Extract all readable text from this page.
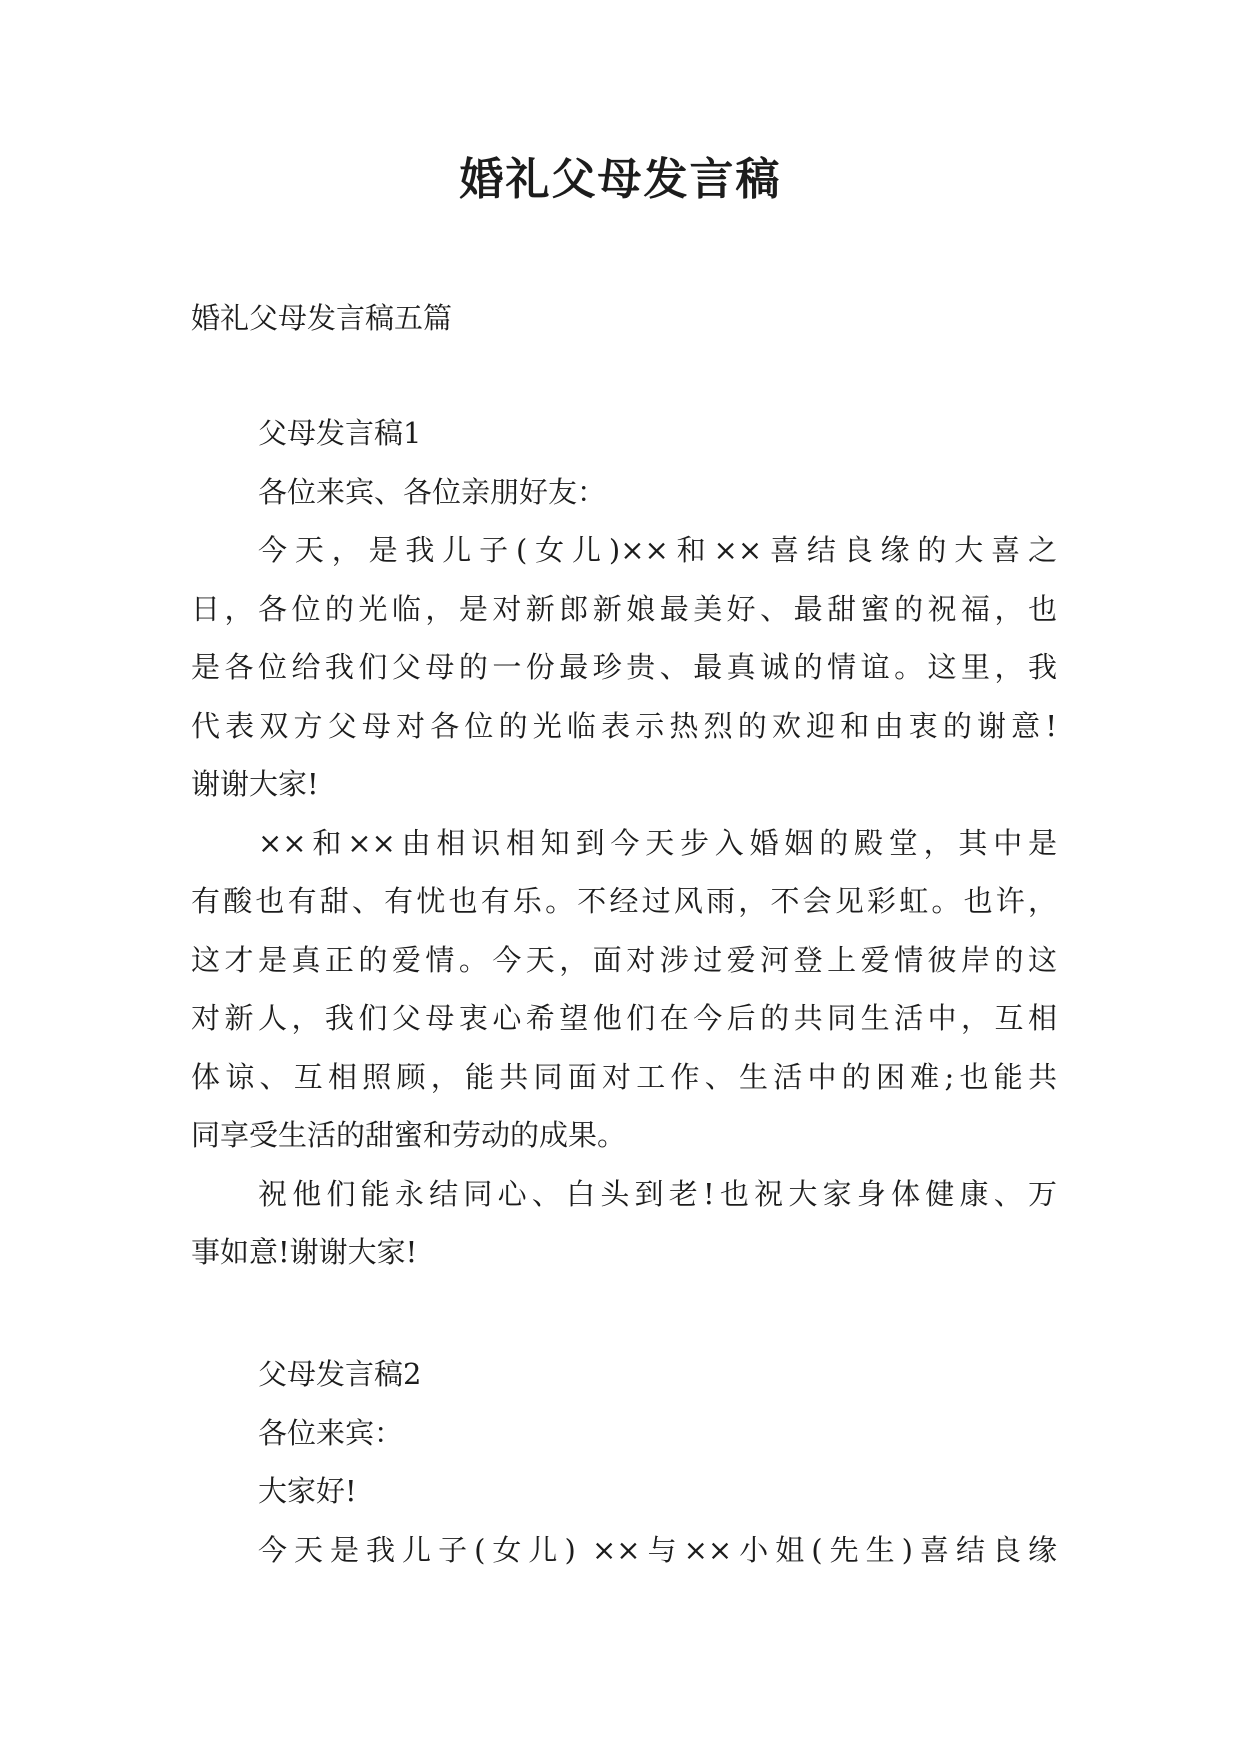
婚礼父母发言稿
婚礼父母发言稿五篇
父母发言稿1
各位来宾、各位亲朋好友：
今天，是我儿子(女儿)××和××喜结良缘的大喜之
日，各位的光临，是对新郎新娘最美好、最甜蜜的祝福，也
是各位给我们父母的一份最珍贵、最真诚的情谊。这里，我
代表双方父母对各位的光临表示热烈的欢迎和由衷的谢意!
谢谢大家!
××和××由相识相知到今天步入婚姻的殿堂，其中是
有酸也有甜、有忧也有乐。不经过风雨，不会见彩虹。也许，
这才是真正的爱情。今天，面对涉过爱河登上爱情彼岸的这
对新人，我们父母衷心希望他们在今后的共同生活中，互相
体谅、互相照顾，能共同面对工作、生活中的困难;也能共
同享受生活的甜蜜和劳动的成果。
祝他们能永结同心、白头到老!也祝大家身体健康、万
事如意!谢谢大家!
父母发言稿2
各位来宾：
大家好!
今天是我儿子(女儿) ××与××小姐(先生)喜结良缘
